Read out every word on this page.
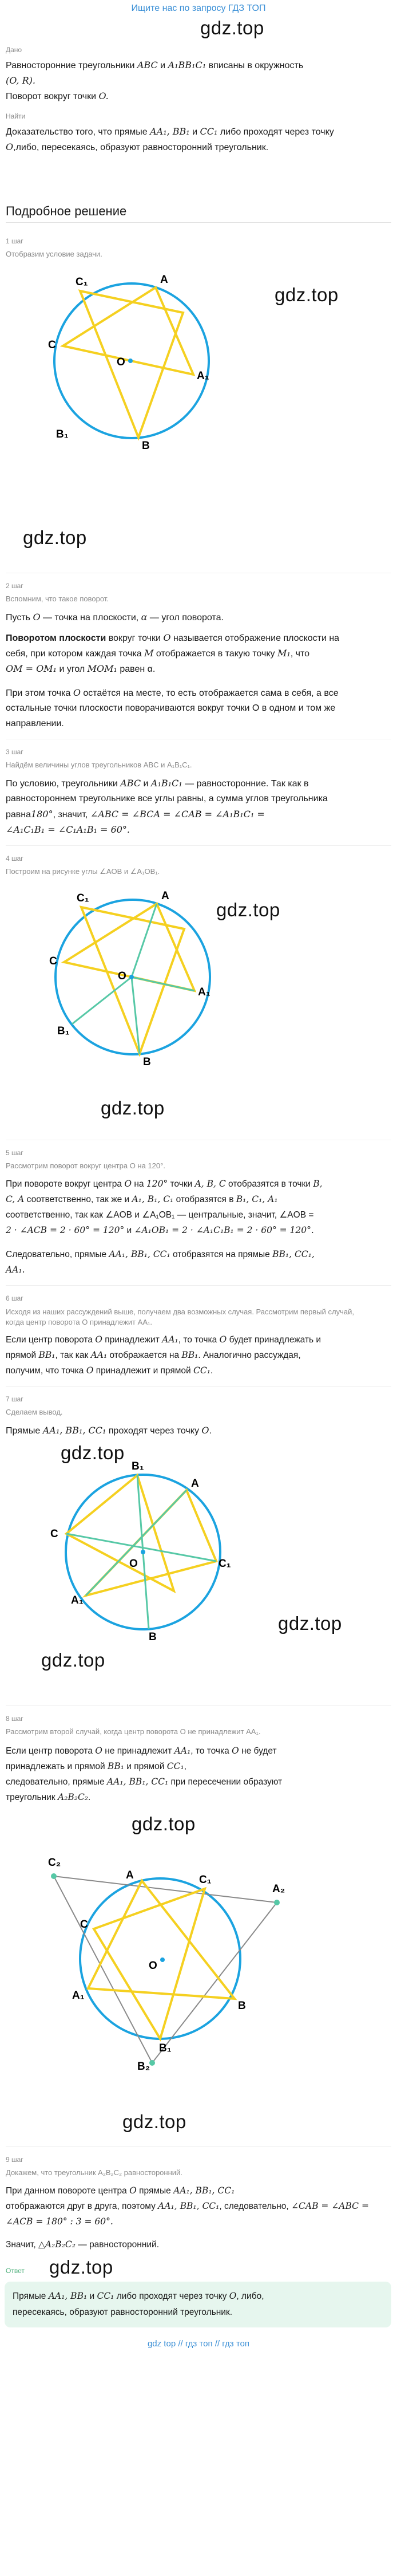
Ищите нас по запросу ГДЗ ТОП
Дано
gdz.top
Равносторонние треугольники ABC и A₁BB₁C₁ вписаны в окружность
(O, R).
Поворот вокруг точки O.
Найти
Доказательство того, что прямые AA₁, BB₁ и CC₁ либо проходят через точку
O,либо, пересекаясь, образуют равносторонний треугольник.
Подробное решение
1 шаг
Отобразим условие задачи.
gdz.top
C₁	A
C
O
A₁
B₁
B
gdz.top
2 шаг
Вспомним, что такое поворот.
Пусть O — точка на плоскости, α — угол поворота.
Поворотом плоскости вокруг точки O называется отображение плоскости на
себя, при котором каждая точка M отображается в такую точку M₁, что
OM = OM₁ и угол MOM₁ равен α.
При этом точка O остаётся на месте, то есть отображается сама в себя, а все
остальные точки плоскости поворачиваются вокруг точки O в одном и том же
направлении.
3 шаг
Найдём величины углов треугольников ABC и A₁B₁C₁.
По условию, треугольники ABC и A₁B₁C₁ — равносторонние. Так как в
равностороннем треугольнике все углы равны, а сумма углов треугольника
равна180°, значит, ∠ABC = ∠BCA = ∠CAB = ∠A₁B₁C₁ =
∠A₁C₁B₁ = ∠C₁A₁B₁ = 60°.
4 шаг
Построим на рисунке углы ∠AOB и ∠A₁OB₁.
C₁	A
C
O
A₁
B₁
B
gdz.top
gdz.top
5 шаг
Рассмотрим поворот вокруг центра O на 120°.
При повороте вокруг центра O на 120° точки A, B, C отобразятся в точки B,
C, A соответственно, так же и A₁, B₁, C₁ отобразятся в B₁, C₁, A₁
соответственно, так как ∠AOB и ∠A₁OB₁ — центральные, значит, ∠AOB =
2 · ∠ACB = 2 · 60° = 120° и ∠A₁OB₁ = 2 · ∠A₁C₁B₁ = 2 · 60° = 120°.
Следовательно, прямые AA₁, BB₁, CC₁ отобразятся на прямые BB₁, CC₁,
AA₁.
6 шаг
Исходя из наших рассуждений выше, получаем два возможных случая. Рассмотрим первый случай, когда центр поворота O принадлежит AA₁.
Если центр поворота O принадлежит AA₁, то точка O будет принадлежать и
прямой BB₁, так как AA₁ отображается на BB₁. Аналогично рассуждая,
получим, что точка O принадлежит и прямой CC₁.
7 шаг
Сделаем вывод.
Прямые AA₁, BB₁, CC₁ проходят через точку O.
B₁
A
C
O	C₁
A₁
B
gdz.top
gdz.top
gdz.top
8 шаг
Рассмотрим второй случай, когда центр поворота O не принадлежит AA₁.
Если центр поворота O не принадлежит AA₁, то точка O не будет
принадлежать и прямой BB₁ и прямой CC₁,
следовательно, прямые AA₁, BB₁, CC₁ при пересечении образуют
треугольник A₂B₂C₂.
gdz.top
C₂
A	C₁
A₂
C
O
A₁
B
B₁
B₂
gdz.top
9 шаг
Докажем, что треугольник A₂B₂C₂ равносторонний.
При данном повороте центра O прямые AA₁, BB₁, CC₁
отображаются друг в друга, поэтому AA₁, BB₁, CC₁, следовательно, ∠CAB = ∠ABC =
∠ACB = 180° : 3 = 60°.
Значит, △A₂B₂C₂ — равносторонний.
Ответ gdz.top
Прямые AA₁, BB₁ и CC₁ либо проходят через точку O, либо,
пересекаясь, образуют равносторонний треугольник.
gdz top // гдз топ // гдз топ
